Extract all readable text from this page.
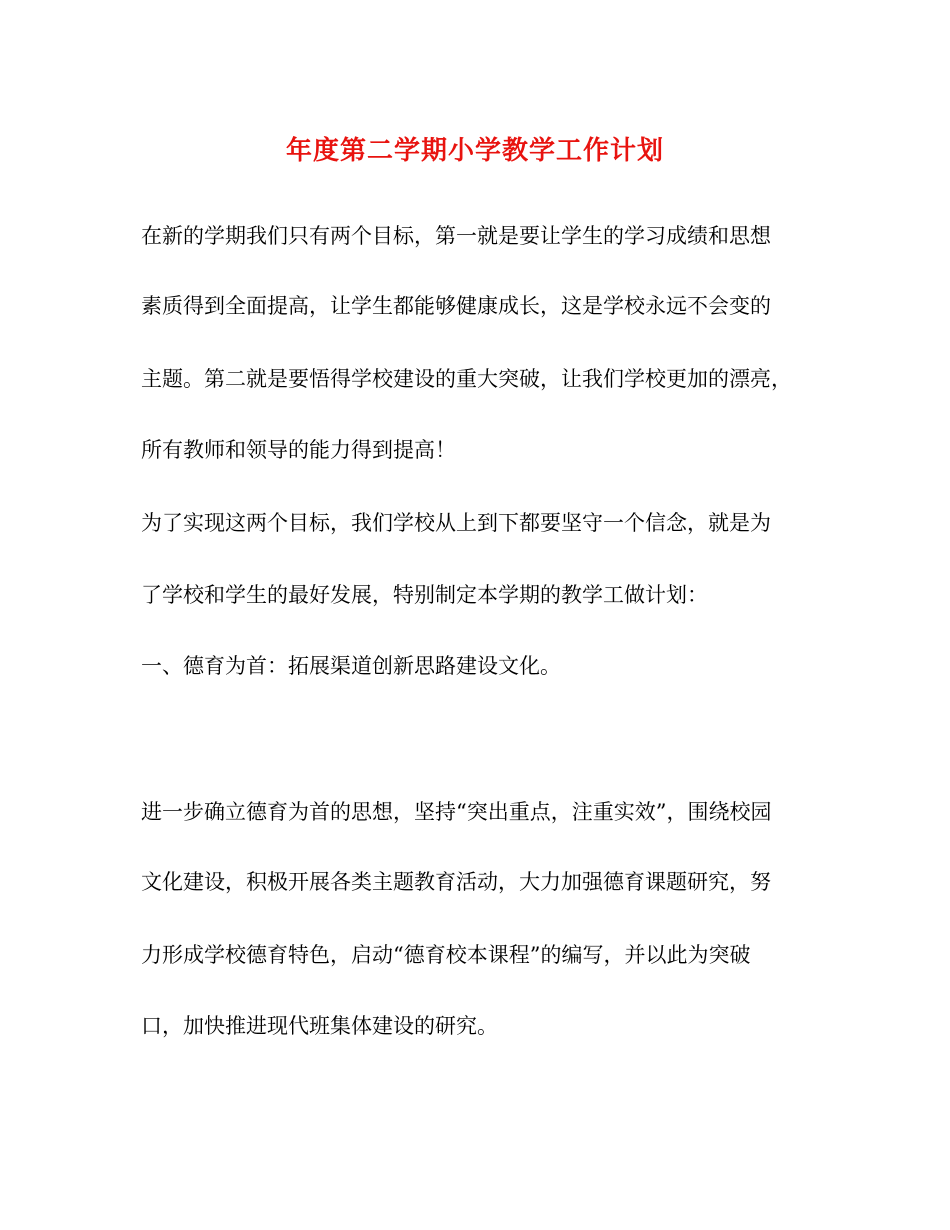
年度第二学期小学教学工作计划
在新的学期我们只有两个目标，第一就是要让学生的学习成绩和思想
素质得到全面提高，让学生都能够健康成长，这是学校永远不会变的
主题。第二就是要悟得学校建设的重大突破，让我们学校更加的漂亮，
所有教师和领导的能力得到提高！
为了实现这两个目标，我们学校从上到下都要坚守一个信念，就是为
了学校和学生的最好发展，特别制定本学期的教学工做计划：
一、德育为首：拓展渠道创新思路建设文化。
进一步确立德育为首的思想，坚持“突出重点，注重实效”，围绕校园
文化建设，积极开展各类主题教育活动，大力加强德育课题研究，努
力形成学校德育特色，启动“德育校本课程”的编写，并以此为突破
口，加快推进现代班集体建设的研究。
